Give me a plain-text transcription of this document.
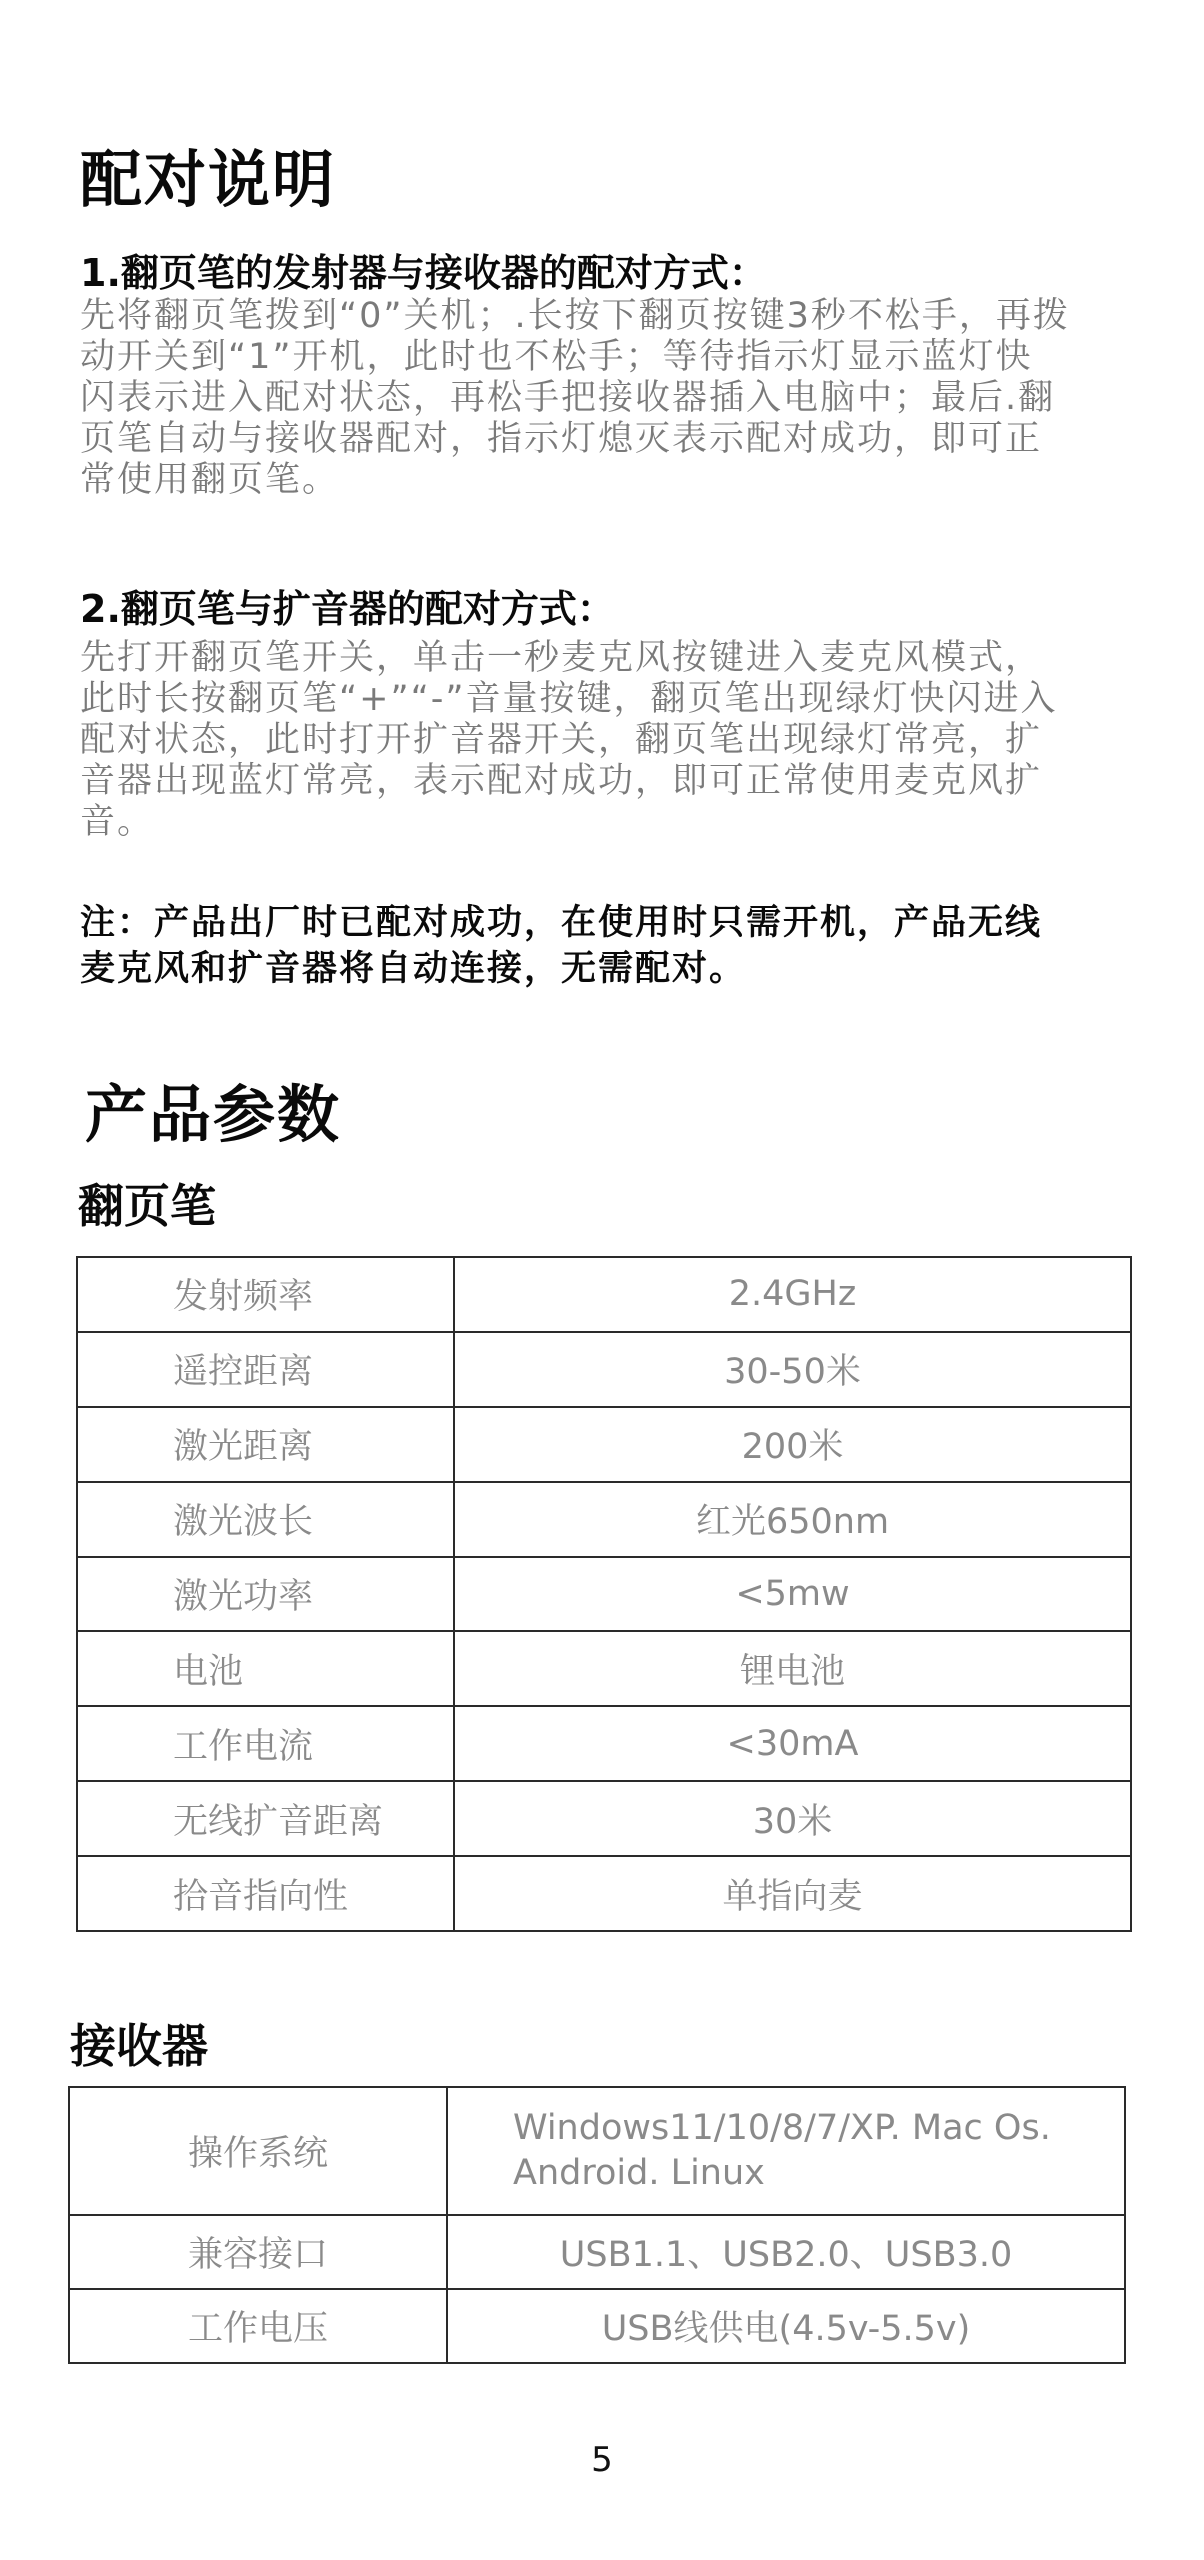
配对说明
1.翻页笔的发射器与接收器的配对方式：
先将翻页笔拨到“0”关机；.长按下翻页按键3秒不松手，再拨
动开关到“1”开机，此时也不松手；等待指示灯显示蓝灯快
闪表示进入配对状态，再松手把接收器插入电脑中；最后.翻
页笔自动与接收器配对，指示灯熄灭表示配对成功，即可正
常使用翻页笔。
2.翻页笔与扩音器的配对方式：
先打开翻页笔开关，单击一秒麦克风按键进入麦克风模式，
此时长按翻页笔“+”“-”音量按键，翻页笔出现绿灯快闪进入
配对状态，此时打开扩音器开关，翻页笔出现绿灯常亮，扩
音器出现蓝灯常亮，表示配对成功，即可正常使用麦克风扩
音。
注：产品出厂时已配对成功，在使用时只需开机，产品无线
麦克风和扩音器将自动连接，无需配对。
产品参数
翻页笔
发射频率	2.4GHz
遥控距离	30-50米
激光距离	200米
激光波长	红光650nm
激光功率	<5mw
电池	锂电池
工作电流	<30mA
无线扩音距离	30米
拾音指向性	单指向麦
接收器
操作系统	Windows11/10/8/7/XP. Mac Os.
Android. Linux

兼容接口	USB1.1、USB2.0、USB3.0
工作电压	USB线供电(4.5v-5.5v)
5
